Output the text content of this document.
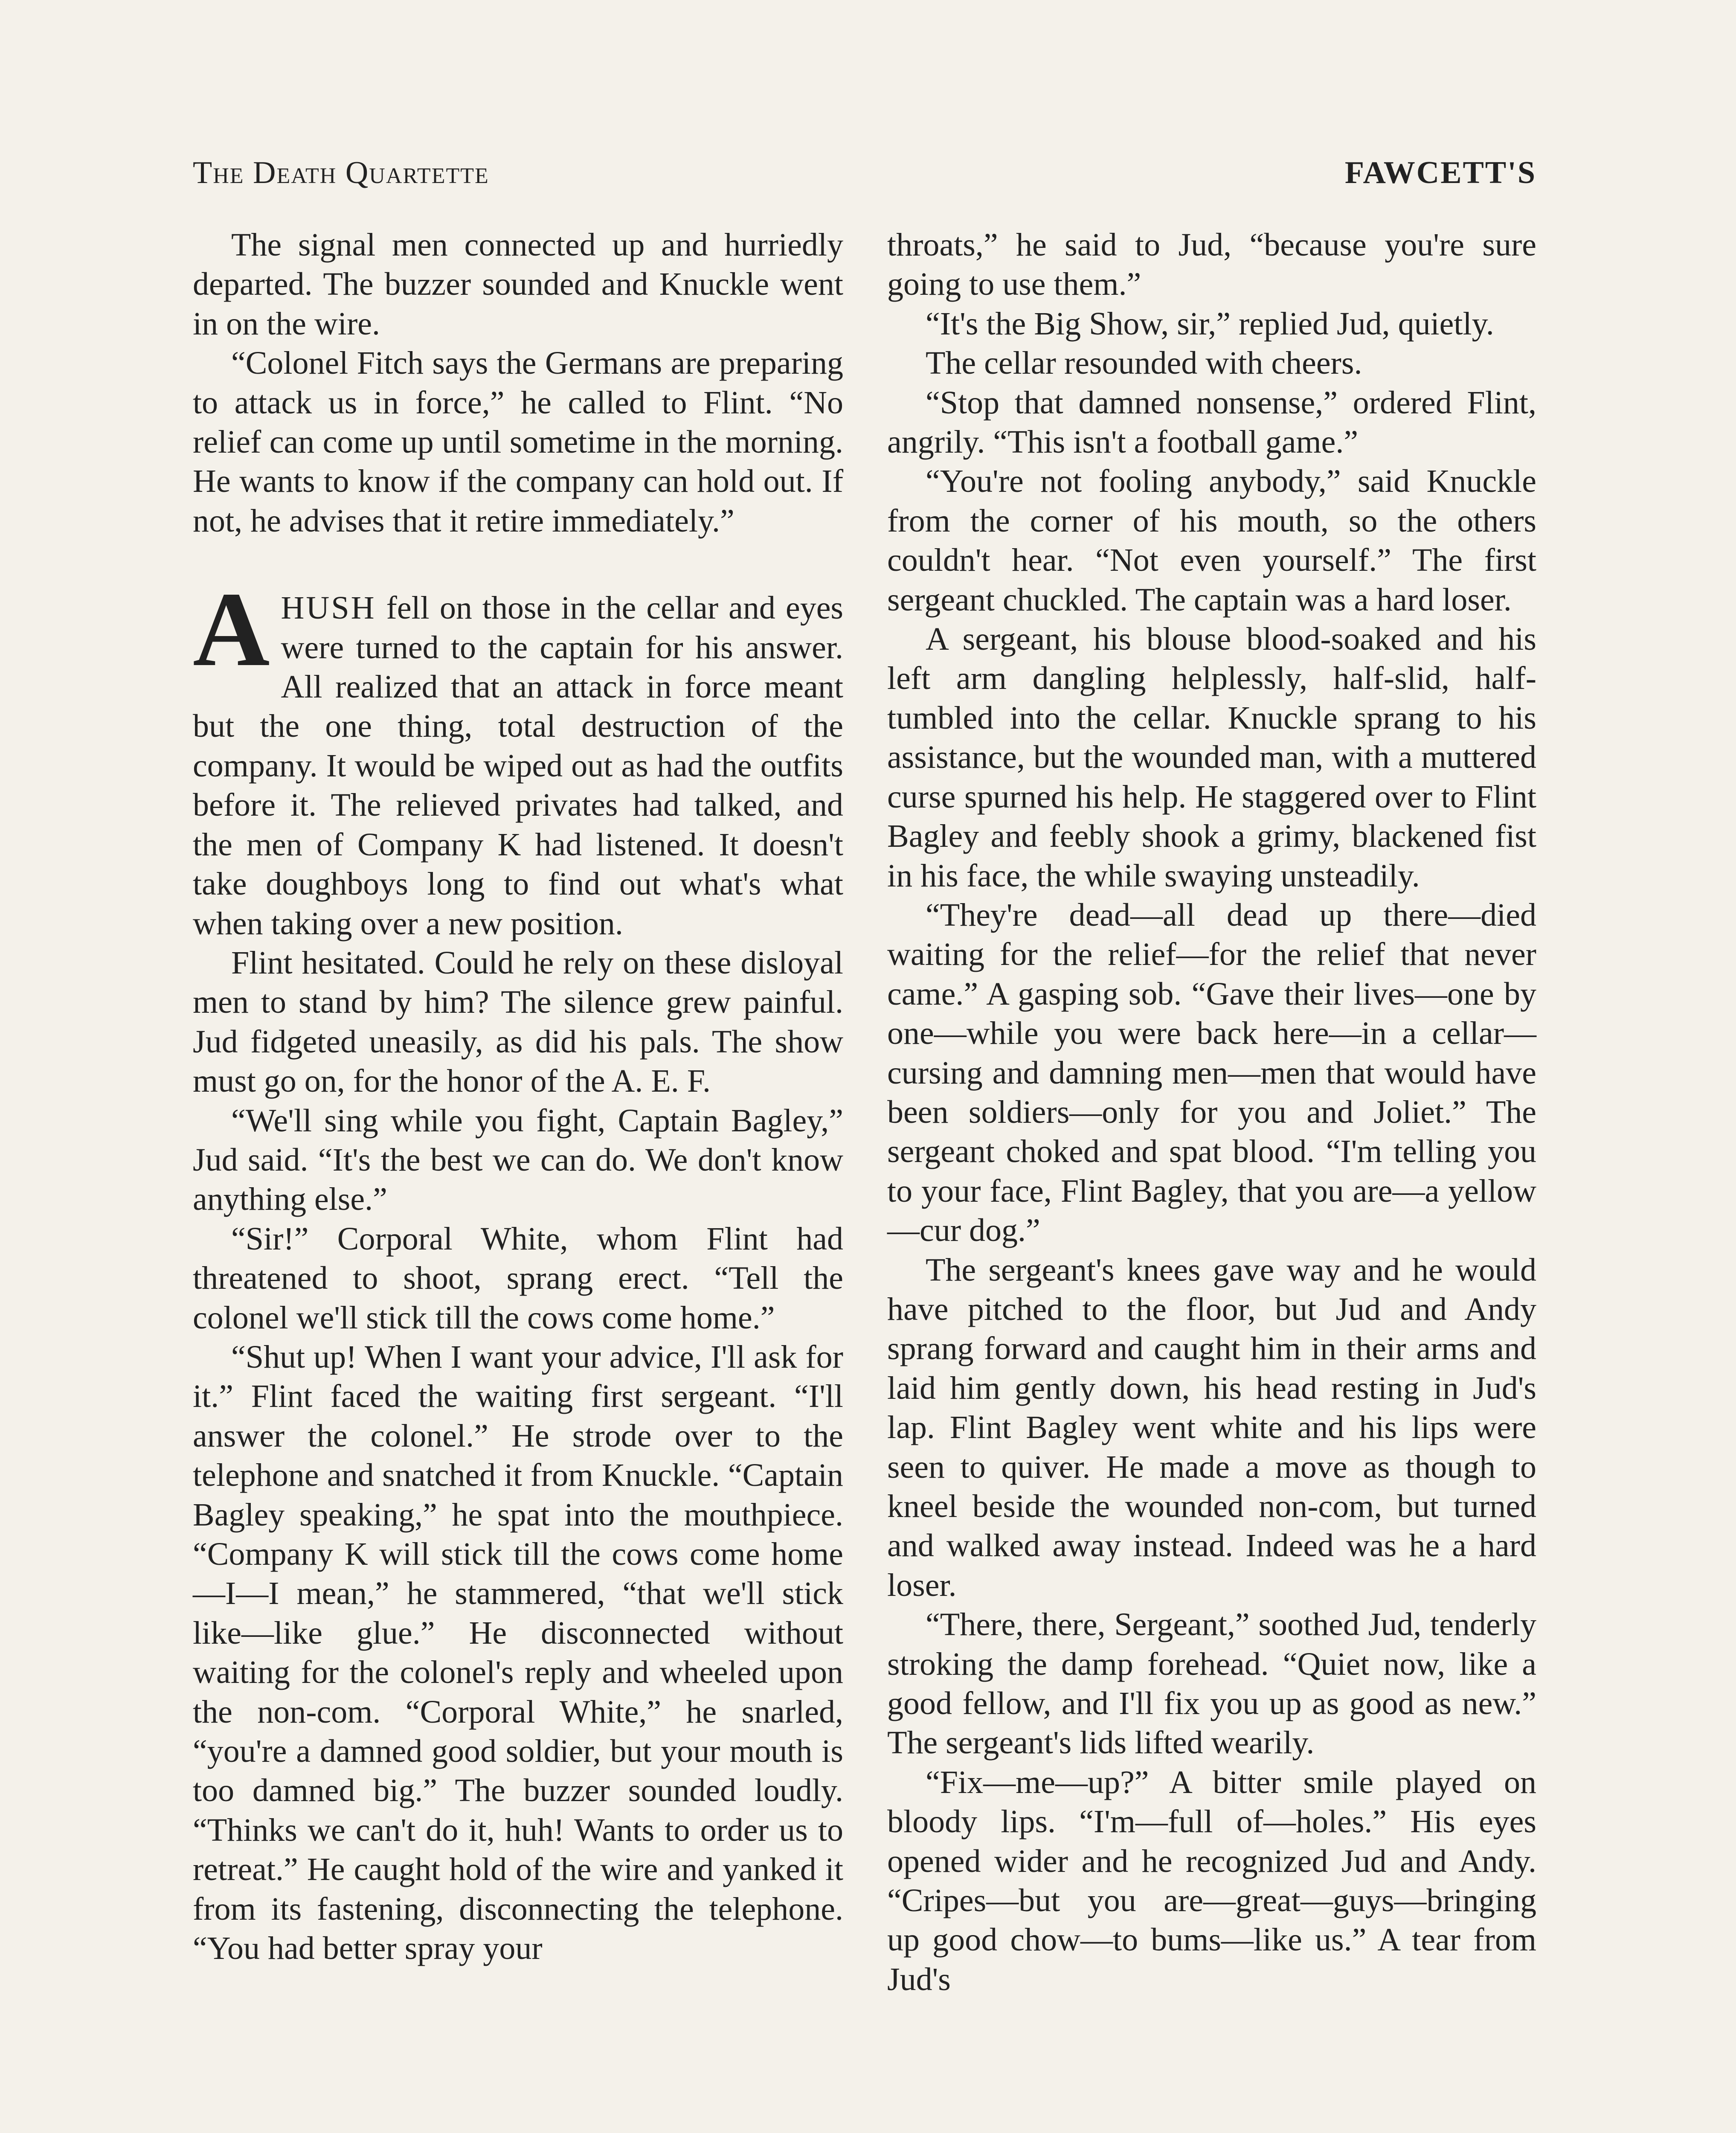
The Death Quartette	FAWCETT'S

The signal men connected up and hurriedly departed. The buzzer sounded and Knuckle went in on the wire.

“Colonel Fitch says the Germans are preparing to attack us in force,” he called to Flint. “No relief can come up until sometime in the morning. He wants to know if the company can hold out. If not, he advises that it retire immediately.”

AHUSH fell on those in the cellar and eyes were turned to the captain for his answer. All realized that an attack in force meant but the one thing, total destruction of the company. It would be wiped out as had the outfits before it. The relieved privates had talked, and the men of Company K had listened. It doesn't take doughboys long to find out what's what when taking over a new position.

Flint hesitated. Could he rely on these disloyal men to stand by him? The silence grew painful. Jud fidgeted uneasily, as did his pals. The show must go on, for the honor of the A. E. F.

“We'll sing while you fight, Captain Bagley,” Jud said. “It's the best we can do. We don't know anything else.”

“Sir!” Corporal White, whom Flint had threatened to shoot, sprang erect. “Tell the colonel we'll stick till the cows come home.”

“Shut up! When I want your advice, I'll ask for it.” Flint faced the waiting first sergeant. “I'll answer the colonel.” He strode over to the telephone and snatched it from Knuckle. “Captain Bagley speaking,” he spat into the mouthpiece. “Company K will stick till the cows come home—I—I mean,” he stammered, “that we'll stick like—like glue.” He disconnected without waiting for the colonel's reply and wheeled upon the non-com. “Corporal White,” he snarled, “you're a damned good soldier, but your mouth is too damned big.” The buzzer sounded loudly. “Thinks we can't do it, huh! Wants to order us to retreat.” He caught hold of the wire and yanked it from its fastening, disconnecting the telephone. “You had better spray your

throats,” he said to Jud, “because you're sure going to use them.”

“It's the Big Show, sir,” replied Jud, quietly.

The cellar resounded with cheers.

“Stop that damned nonsense,” ordered Flint, angrily. “This isn't a football game.”

“You're not fooling anybody,” said Knuckle from the corner of his mouth, so the others couldn't hear. “Not even yourself.” The first sergeant chuckled. The captain was a hard loser.

A sergeant, his blouse blood-soaked and his left arm dangling helplessly, half-slid, half-tumbled into the cellar. Knuckle sprang to his assistance, but the wounded man, with a muttered curse spurned his help. He staggered over to Flint Bagley and feebly shook a grimy, blackened fist in his face, the while swaying unsteadily.

“They're dead—all dead up there—died waiting for the relief—for the relief that never came.” A gasping sob. “Gave their lives—one by one—while you were back here—in a cellar—cursing and damning men—men that would have been soldiers—only for you and Joliet.” The sergeant choked and spat blood. “I'm telling you to your face, Flint Bagley, that you are—a yellow—cur dog.”

The sergeant's knees gave way and he would have pitched to the floor, but Jud and Andy sprang forward and caught him in their arms and laid him gently down, his head resting in Jud's lap. Flint Bagley went white and his lips were seen to quiver. He made a move as though to kneel beside the wounded non-com, but turned and walked away instead. Indeed was he a hard loser.

“There, there, Sergeant,” soothed Jud, tenderly stroking the damp forehead. “Quiet now, like a good fellow, and I'll fix you up as good as new.” The sergeant's lids lifted wearily.

“Fix—me—up?” A bitter smile played on bloody lips. “I'm—full of—holes.” His eyes opened wider and he recognized Jud and Andy. “Cripes—but you are—great—guys—bringing up good chow—to bums—like us.” A tear from Jud's
